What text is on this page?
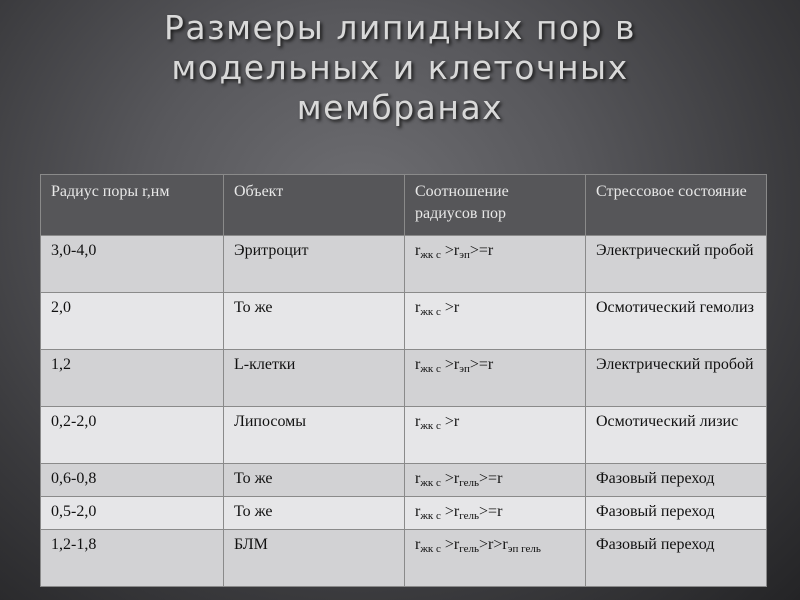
Размеры липидных пор в
модельных и клеточных
мембранах
Радиус поры r,нм	Объект	Соотношение радиусов пор	Стрессовое состояние
3,0-4,0	Эритроцит	$r_{жк с} >r_{эп}>=r$	Электрический пробой
2,0	То же	$r_{жк с} >r$	Осмотический гемолиз
1,2	L-клетки	$r_{жк с} >r_{эп}>=r$	Электрический пробой
0,2-2,0	Липосомы	$r_{жк с} >r$	Осмотический лизис
0,6-0,8	То же	$r_{жк с} >r_{гель}>=r$	Фазовый переход
0,5-2,0	То же	$r_{жк с} >r_{гель}>=r$	Фазовый переход
1,2-1,8	БЛМ	$r_{жк с} >r_{гель}>r>r_{эп гель}$	Фазовый переход
